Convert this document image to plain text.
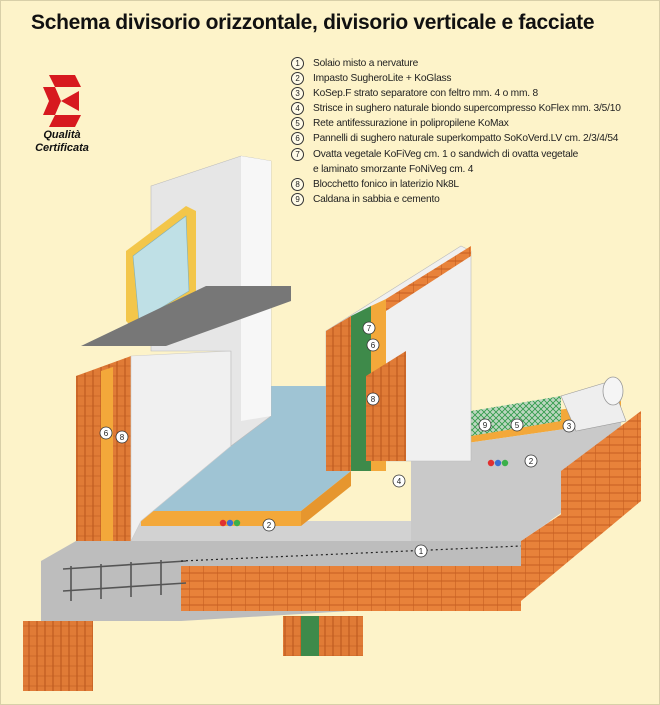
Schema divisorio orizzontale, divisorio verticale e facciate
Qualità
Certificata
1	Solaio misto a nervature
2	Impasto SugheroLite + KoGlass
3	KoSep.F strato separatore con feltro mm. 4 o mm. 8
4	Strisce in sughero naturale biondo supercompresso KoFlex mm. 3/5/10
5	Rete antifessurazione in polipropilene KoMax
6	Pannelli di sughero naturale superkompatto SoKoVerd.LV cm. 2/3/4/54
7	Ovatta vegetale KoFiVeg cm. 1 o sandwich di ovatta vegetale
e laminato smorzante FoNiVeg cm. 4
8	Blocchetto fonico in laterizio Nk8L
9	Caldana in sabbia e cemento
1
2
2
3
4
5
6
6
7
8
8
9
